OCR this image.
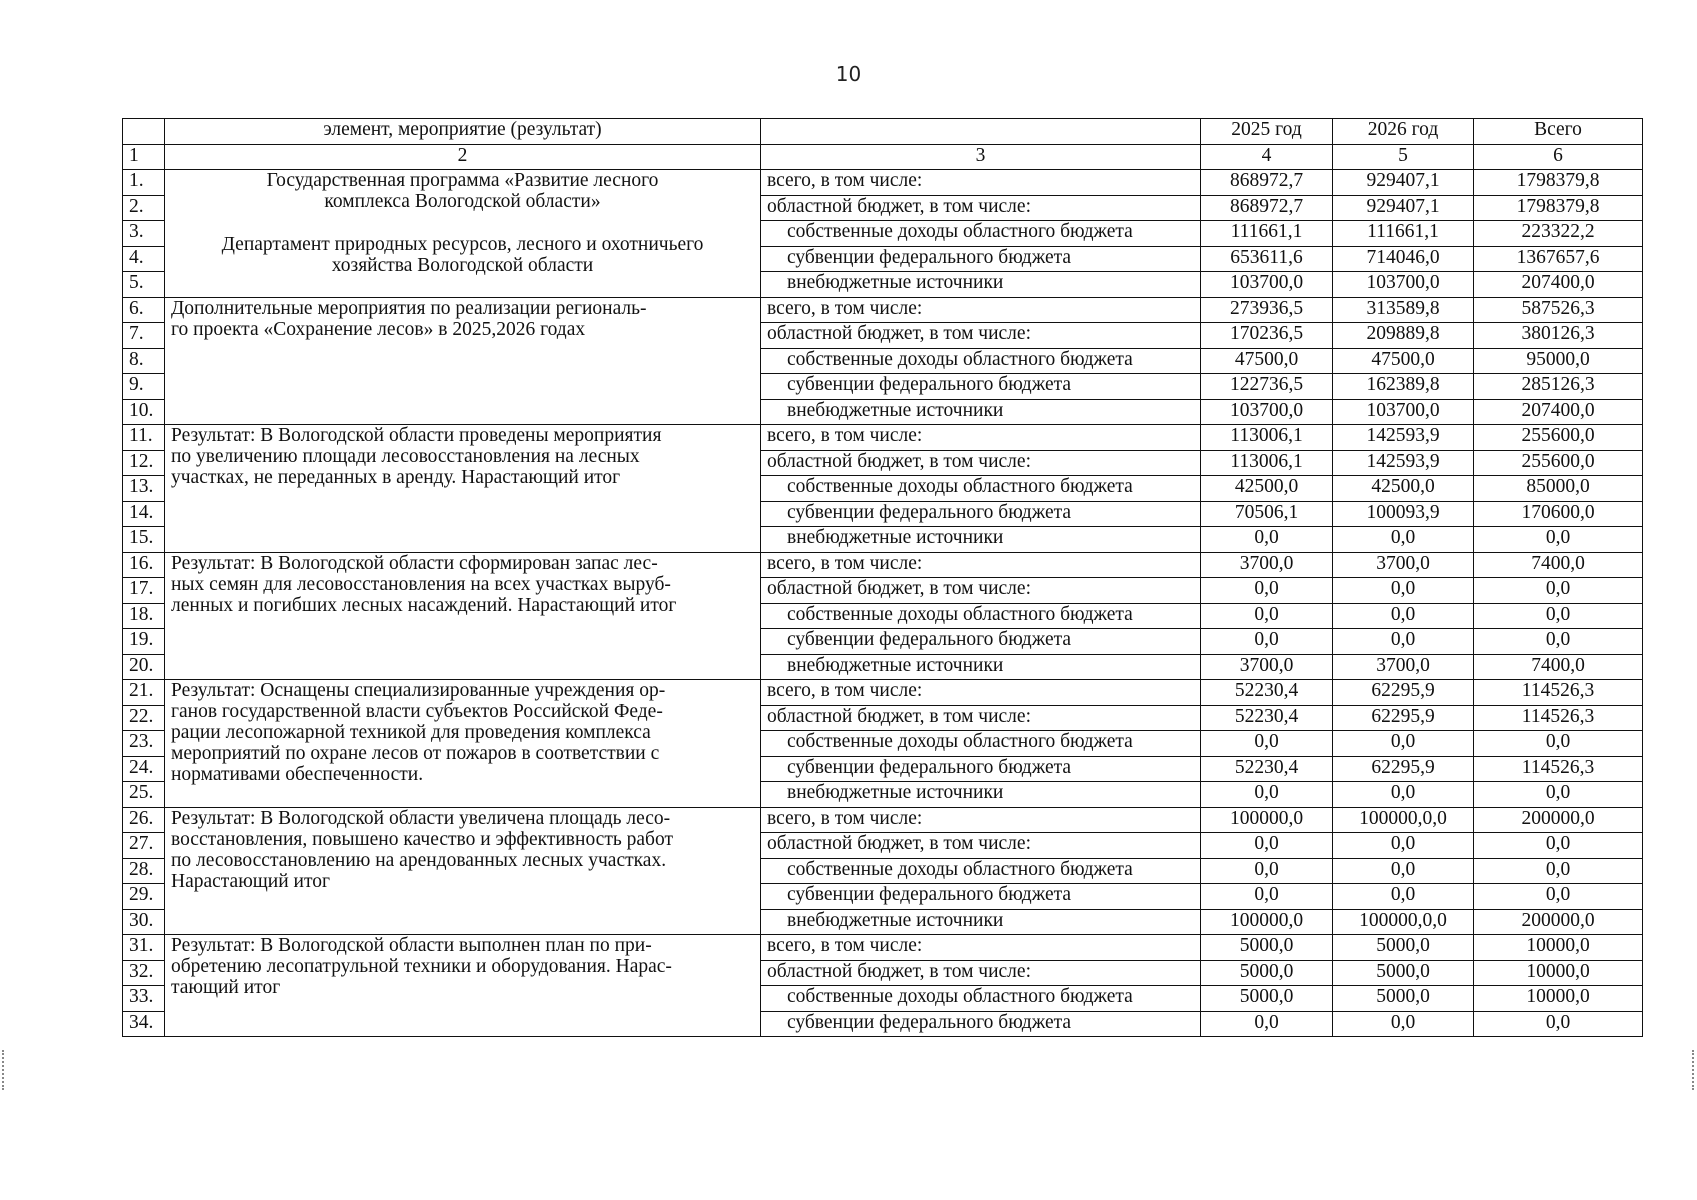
10
	элемент, мероприятие (результат)		2025 год	2026 год	Всего
1	2	3	4	5	6
1.	Государственная программа «Развитие лесного
комплекса Вологодской области»
Департамент природных ресурсов, лесного и охотничьего
хозяйства Вологодской области	всего, в том числе:	868972,7	929407,1	1798379,8
2.		областной бюджет, в том числе:	868972,7	929407,1	1798379,8
3.		собственные доходы областного бюджета	111661,1	111661,1	223322,2
4.		субвенции федерального бюджета	653611,6	714046,0	1367657,6
5.		внебюджетные источники	103700,0	103700,0	207400,0
6.	Дополнительные мероприятия по реализации региональ-
го проекта «Сохранение лесов» в 2025,2026 годах	всего, в том числе:	273936,5	313589,8	587526,3
7.		областной бюджет, в том числе:	170236,5	209889,8	380126,3
8.		собственные доходы областного бюджета	47500,0	47500,0	95000,0
9.		субвенции федерального бюджета	122736,5	162389,8	285126,3
10.		внебюджетные источники	103700,0	103700,0	207400,0
11.	Результат: В Вологодской области проведены мероприятия
по увеличению площади лесовосстановления на лесных
участках, не переданных в аренду. Нарастающий итог	всего, в том числе:	113006,1	142593,9	255600,0
12.		областной бюджет, в том числе:	113006,1	142593,9	255600,0
13.		собственные доходы областного бюджета	42500,0	42500,0	85000,0
14.		субвенции федерального бюджета	70506,1	100093,9	170600,0
15.		внебюджетные источники	0,0	0,0	0,0
16.	Результат: В Вологодской области сформирован запас лес-
ных семян для лесовосстановления на всех участках выруб-
ленных и погибших лесных насаждений. Нарастающий итог	всего, в том числе:	3700,0	3700,0	7400,0
17.		областной бюджет, в том числе:	0,0	0,0	0,0
18.		собственные доходы областного бюджета	0,0	0,0	0,0
19.		субвенции федерального бюджета	0,0	0,0	0,0
20.		внебюджетные источники	3700,0	3700,0	7400,0
21.	Результат: Оснащены специализированные учреждения ор-
ганов государственной власти субъектов Российской Феде-
рации лесопожарной техникой для проведения комплекса
мероприятий по охране лесов от пожаров в соответствии с
нормативами обеспеченности.	всего, в том числе:	52230,4	62295,9	114526,3
22.		областной бюджет, в том числе:	52230,4	62295,9	114526,3
23.		собственные доходы областного бюджета	0,0	0,0	0,0
24.		субвенции федерального бюджета	52230,4	62295,9	114526,3
25.		внебюджетные источники	0,0	0,0	0,0
26.	Результат: В Вологодской области увеличена площадь лесо-
восстановления, повышено качество и эффективность работ
по лесовосстановлению на арендованных лесных участках.
Нарастающий итог	всего, в том числе:	100000,0	100000,0,0	200000,0
27.		областной бюджет, в том числе:	0,0	0,0	0,0
28.		собственные доходы областного бюджета	0,0	0,0	0,0
29.		субвенции федерального бюджета	0,0	0,0	0,0
30.		внебюджетные источники	100000,0	100000,0,0	200000,0
31.	Результат: В Вологодской области выполнен план по при-
обретению лесопатрульной техники и оборудования. Нарас-
тающий итог	всего, в том числе:	5000,0	5000,0	10000,0
32.		областной бюджет, в том числе:	5000,0	5000,0	10000,0
33.		собственные доходы областного бюджета	5000,0	5000,0	10000,0
34.		субвенции федерального бюджета	0,0	0,0	0,0
